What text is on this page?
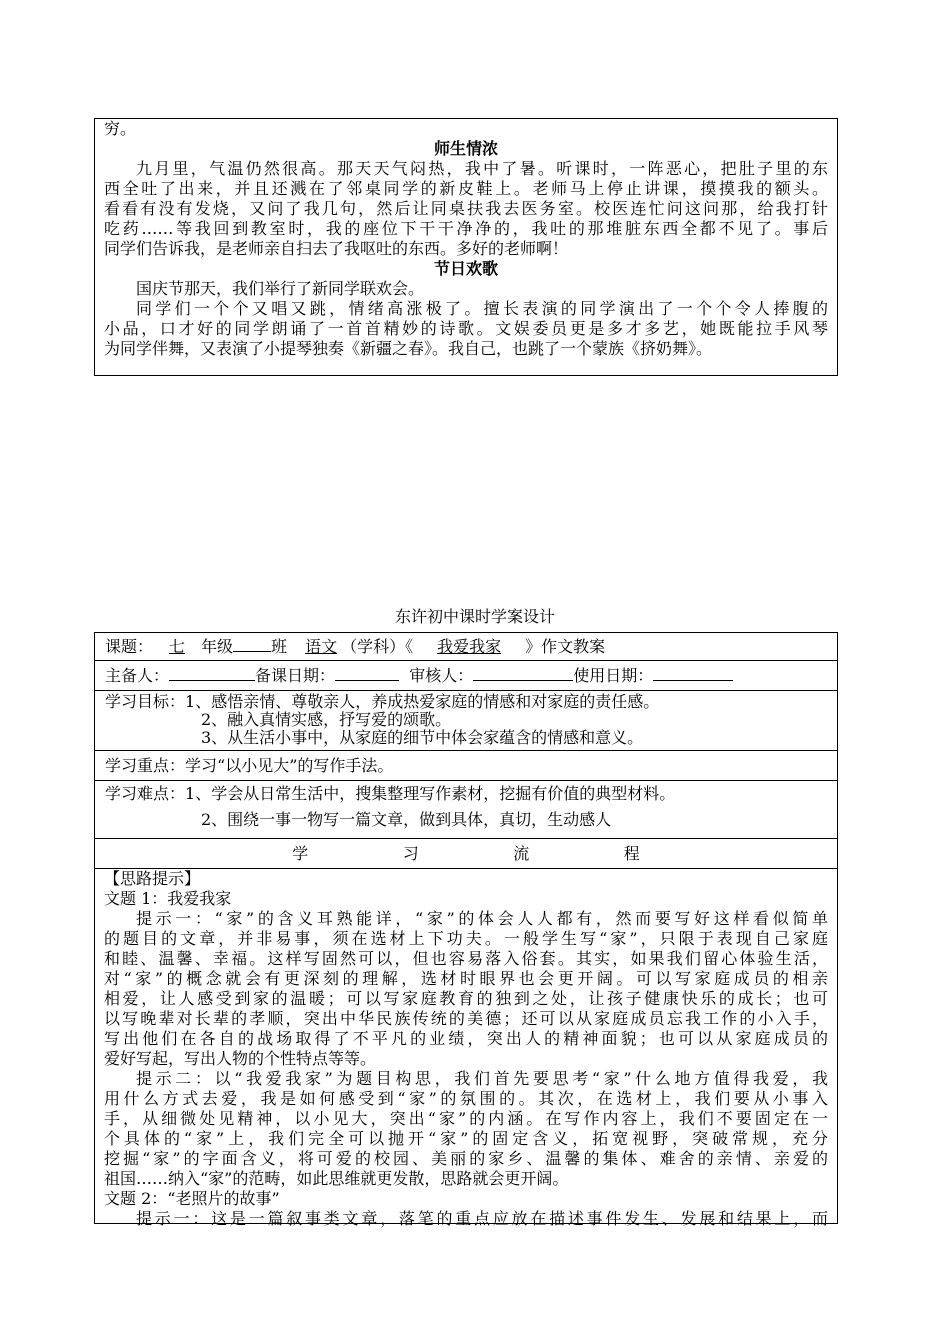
穷。
师生情浓
九月里，气温仍然很高。那天天气闷热，我中了暑。听课时，一阵恶心，把肚子里的东
西全吐了出来，并且还溅在了邻桌同学的新皮鞋上。老师马上停止讲课，摸摸我的额头。
看看有没有发烧，又问了我几句，然后让同桌扶我去医务室。校医连忙问这问那，给我打针
吃药……等我回到教室时，我的座位下干干净净的，我吐的那堆脏东西全都不见了。事后
同学们告诉我，是老师亲自扫去了我呕吐的东西。多好的老师啊！
节日欢歌
国庆节那天，我们举行了新同学联欢会。
同学们一个个又唱又跳，情绪高涨极了。擅长表演的同学演出了一个个令人捧腹的
小品，口才好的同学朗诵了一首首精妙的诗歌。文娱委员更是多才多艺，她既能拉手风琴
为同学伴舞，又表演了小提琴独奏《新疆之春》。我自己，也跳了一个蒙族《挤奶舞》。
东许初中课时学案设计
课题： 七 年级 班 语文 （学科）《 我爱我家 》作文教案
主备人：	备课日期：	审核人：	使用日期：
学习目标：1、感悟亲情、尊敬亲人，养成热爱家庭的情感和对家庭的责任感。
2、融入真情实感，抒写爱的颂歌。
3、从生活小事中，从家庭的细节中体会家蕴含的情感和意义。
学习重点：学习“以小见大”的写作手法。
学习难点：1、学会从日常生活中，搜集整理写作素材，挖掘有价值的典型材料。
2、围绕一事一物写一篇文章，做到具体，真切，生动感人
学	习	流	程
【思路提示】
文题 1：我爱我家
提示一：“家”的含义耳熟能详，“家”的体会人人都有，然而要写好这样看似简单
的题目的文章，并非易事，须在选材上下功夫。一般学生写“家”，只限于表现自己家庭
和睦、温馨、幸福。这样写固然可以，但也容易落入俗套。其实，如果我们留心体验生活，
对“家”的概念就会有更深刻的理解，选材时眼界也会更开阔。可以写家庭成员的相亲
相爱，让人感受到家的温暖；可以写家庭教育的独到之处，让孩子健康快乐的成长；也可
以写晚辈对长辈的孝顺，突出中华民族传统的美德；还可以从家庭成员忘我工作的小入手，
写出他们在各自的战场取得了不平凡的业绩，突出人的精神面貌；也可以从家庭成员的
爱好写起，写出人物的个性特点等等。
提示二：以“我爱我家”为题目构思，我们首先要思考“家”什么地方值得我爱，我
用什么方式去爱，我是如何感受到“家”的氛围的。其次，在选材上，我们要从小事入
手，从细微处见精神，以小见大，突出“家”的内涵。在写作内容上，我们不要固定在一
个具体的“家”上，我们完全可以抛开“家”的固定含义，拓宽视野，突破常规，充分
挖掘“家”的字面含义，将可爱的校园、美丽的家乡、温馨的集体、难舍的亲情、亲爱的
祖国……纳入“家”的范畴，如此思维就更发散，思路就会更开阔。
文题 2：“老照片的故事”
提示一：这是一篇叙事类文章，落笔的重点应放在描述事件发生、发展和结果上，而
